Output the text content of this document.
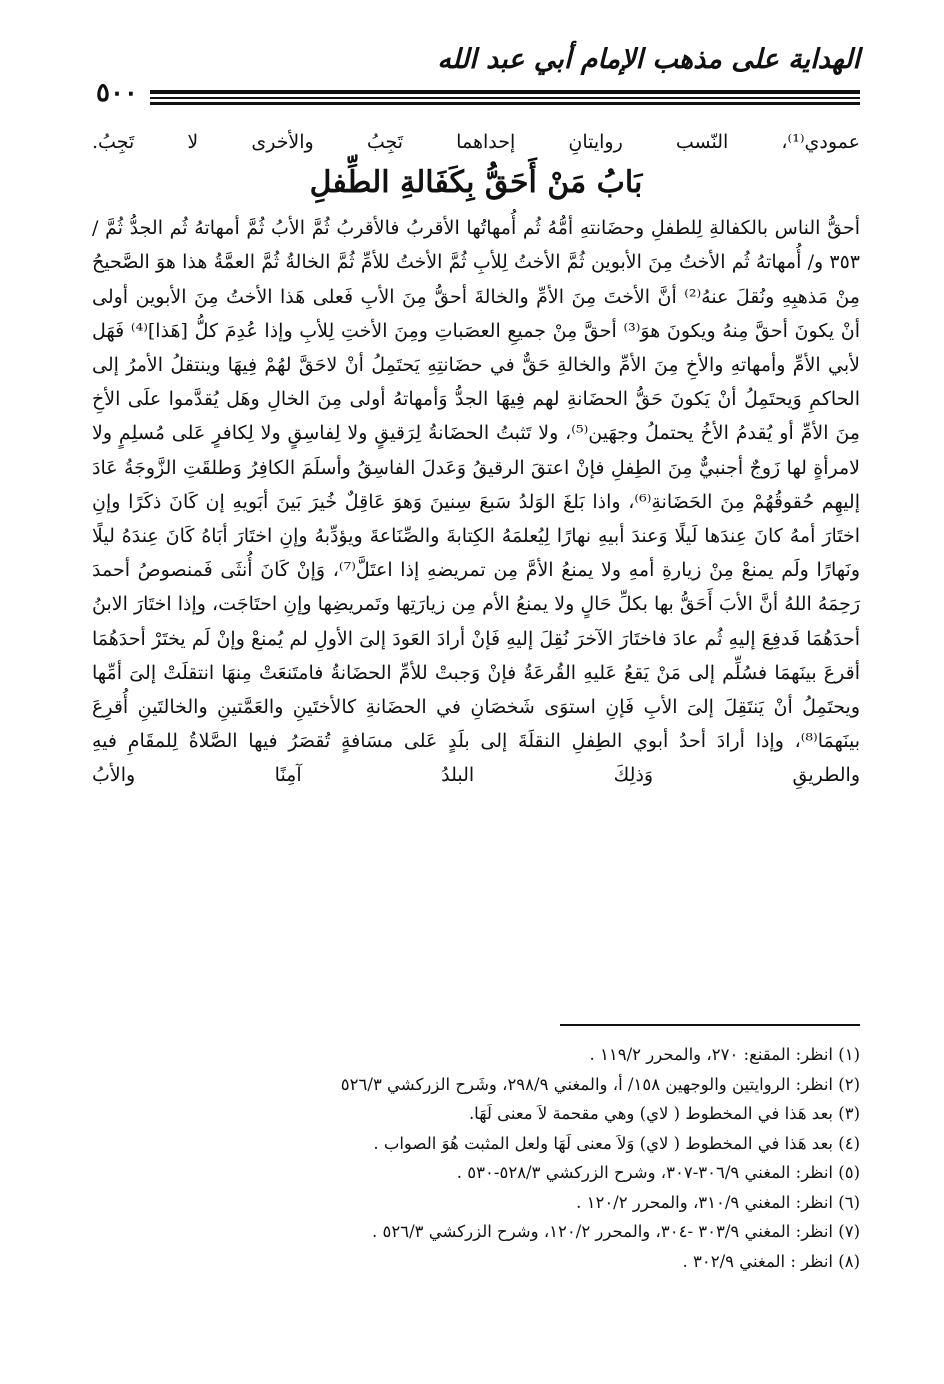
الهداية على مذهب الإمام أبي عبد الله
٥٠٠

عمودي⁽¹⁾، النّسب روايتانِ إحداهما تَجِبُ والأخرى لا تَجِبُ.

بَابُ مَنْ أَحَقُّ بِكَفَالةِ الطِّفلِ

أحقُّ الناس بالكفالةِ لِلطفلِ وحضَانتهِ أمُّهُ ثُم أُمهاتُها الأقربُ فالأقربُ ثُمَّ الأبُ ثُمَّ أمهاتهُ ثُم الجدُّ ثُمَّ / ٣٥٣ و/ أُمهاتهُ ثُم الأختُ مِنَ الأبوين ثُمَّ الأختُ لِلأبِ ثُمَّ الأختُ للأمِّ ثُمَّ الخالةُ ثُمَّ العمَّةُ هذا هوَ الصَّحيحُ مِنْ مَذهبِهِ ونُقلَ عنهُ⁽²⁾ أنَّ الأختَ مِنَ الأمِّ والخالةَ أحقُّ مِنَ الأبِ فَعلى هَذا الأختُ مِنَ الأبوين أولى أنْ يكونَ أحقَّ مِنهُ ويكونَ هوَ⁽³⁾ أحقَّ مِنْ جميعِ العصَباتِ ومِنَ الأختِ لِلأبِ وإذا عُدِمَ كلُّ [هَذا]⁽⁴⁾ فَهَل لأبي الأمِّ وأمهاتهِ والأخِ مِنَ الأمِّ والخالةِ حَقٌّ في حضَانتِهِ يَحتَمِلُ أنْ لاحَقَّ لهُمْ فِيهَا وينتقلُ الأمرُ إلى الحاكمِ وَيحتَمِلُ أنْ يَكونَ حَقُّ الحضَانةِ لهم فِيهَا الجدُّ وَأمهاتهُ أولى مِنَ الخالِ وهَل يُقدَّموا علَى الأخِ مِنَ الأمِّ أو يُقدمُ الأخُ يحتملُ وجهَين⁽⁵⁾، ولا تَثبتُ الحضَانةُ لِرَقيقٍ ولا لِفاسِقٍ ولا لِكافرٍ عَلى مُسلِمٍ ولا لامرأةٍ لها زَوجٌ أجنبيٌّ مِنَ الطِفلِ فإنْ اعتقَ الرقيقُ وَعَدلَ الفاسِقُ وأسلَمَ الكافِرُ وَطلقَتِ الزَّوجَةُ عَادَ إليهِم حُقوقُهُمْ مِنَ الحَضَانةِ⁽⁶⁾، واذا بَلغَ الوَلدُ سَبعَ سِنينَ وَهوَ عَاقِلٌ خُيرَ بَينَ أبَويهِ إن كَانَ ذكَرًا وإنِ اختَارَ أمهُ كانَ عِندَها لَيلًا وَعندَ أبيهِ نهارًا لِيُعلمَهُ الكِتابةَ والصِّنَاعةَ ويؤدِّبهُ وإنِ اختَارَ أبَاهُ كَانَ عِندَهُ ليلًا ونَهارًا ولَم يمنعْ مِنْ زيارةِ أمهِ ولا يمنعُ الأمَّ مِن تمريضهِ إذا اعتَلَّ⁽⁷⁾، وَإنْ كَانَ أُنثَى فَمنصوصُ أحمدَ رَحِمَهُ اللهُ أنَّ الأبَ أَحَقُّ بها بكلِّ حَالٍ ولا يمنعُ الأم مِن زيارَتِها وتَمريضِها وإنِ احتَاجَت، وإذا اختَارَ الابنُ أحدَهُمَا فَدفِعَ إليهِ ثُم عادَ فاختَارَ الآخرَ نُقِلَ إليهِ فَإنْ أرادَ العَودَ إلىَ الأولِ لم يُمنعْ وإنْ لَم يختَرْ أحدَهُمَا أقرعَ بينَهمَا فسُلِّم إلى مَنْ يَقعُ عَليهِ القُرعَةُ فإنْ وَجبتْ للأمِّ الحضَانةُ فامتَنعَتْ مِنهَا انتقلَتْ إلىَ أمِّها ويحتَمِلُ أنْ يَنتَقِلَ إلىَ الأبِ فَإنِ استوَى شَخصَانِ في الحضَانةِ كالأختَينِ والعَمَّتينِ والخالتَينِ أُقرِعَ بينَهمَا⁽⁸⁾، وإذا أرادَ أحدُ أبوي الطِفلِ النقلَةَ إلى بلَدٍ عَلى مسَافةٍ تُقصَرُ فيها الصَّلاةُ لِلمقَامِ فيهِ والطريقِ وَذلِكَ البلدُ آمِنًا والأبُ

(١) انظر: المقنع: ٢٧٠، والمحرر ١١٩/٢ .
(٢) انظر: الروايتين والوجهين ١٥٨/ أ، والمغني ٢٩٨/٩، وشَرح الزركشي ٥٢٦/٣
(٣) بعد هَذا في المخطوط ( لاي) وهي مقحمة لاَ معنى لَهَا.
(٤) بعد هَذا في المخطوط ( لاي) وَلاَ معنى لَهَا ولعل المثبت هُوَ الصواب .
(٥) انظر: المغني ٣٠٦/٩-٣٠٧، وشرح الزركشي ٥٢٨/٣-٥٣٠ .
(٦) انظر: المغني ٣١٠/٩، والمحرر ١٢٠/٢ .
(٧) انظر: المغني ٣٠٣/٩ -٣٠٤، والمحرر ١٢٠/٢، وشرح الزركشي ٥٢٦/٣ .
(٨) انظر : المغني ٣٠٢/٩ .
